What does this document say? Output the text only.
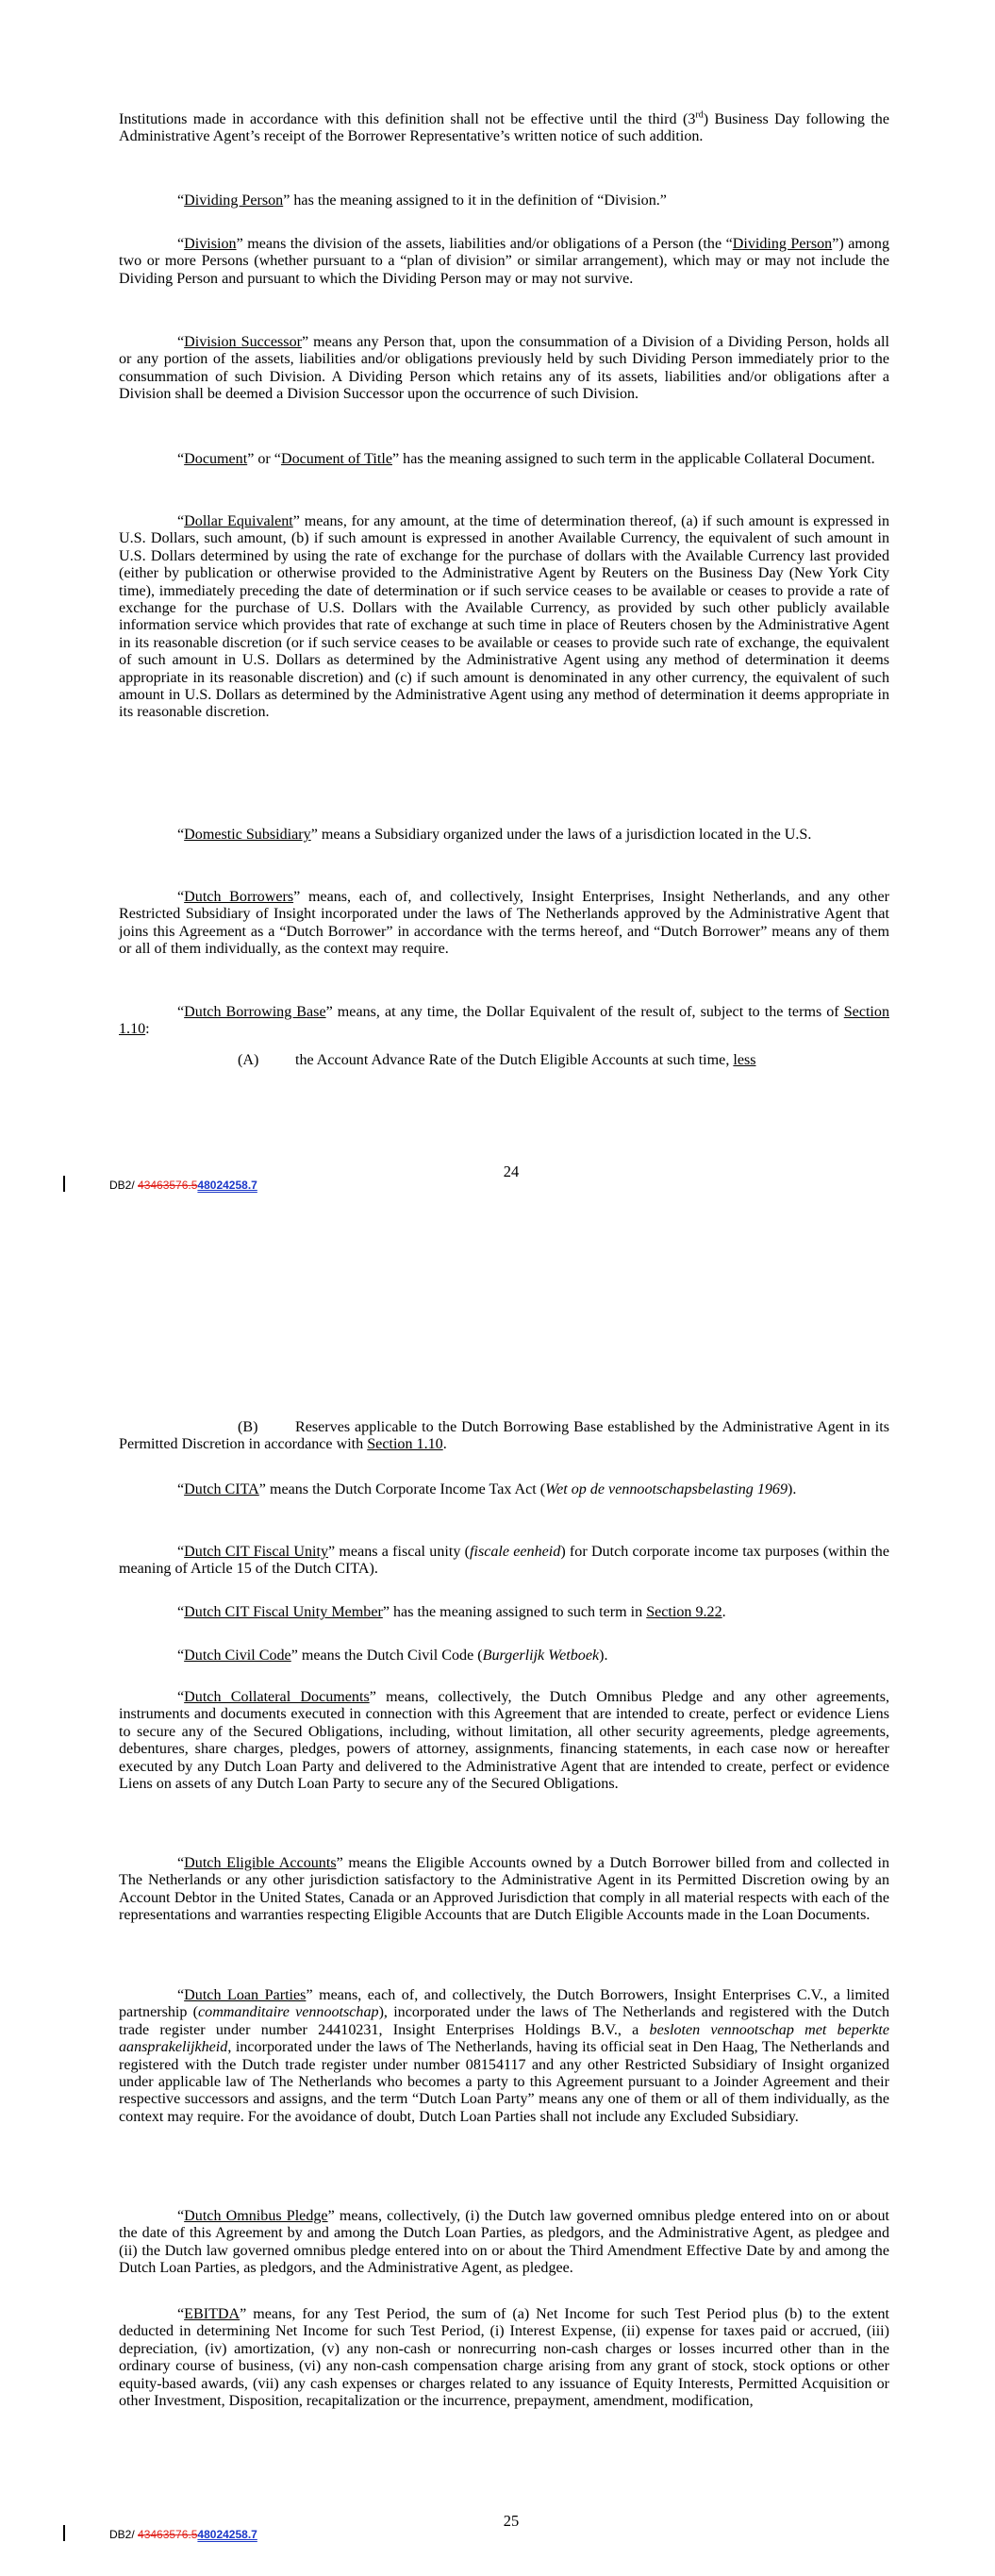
Institutions made in accordance with this definition shall not be effective until the third (3rd) Business Day following the Administrative Agent’s receipt of the Borrower Representative’s written notice of such addition.

“Dividing Person” has the meaning assigned to it in the definition of “Division.”

“Division” means the division of the assets, liabilities and/or obligations of a Person (the “Dividing Person”) among two or more Persons (whether pursuant to a “plan of division” or similar arrangement), which may or may not include the Dividing Person and pursuant to which the Dividing Person may or may not survive.

“Division Successor” means any Person that, upon the consummation of a Division of a Dividing Person, holds all or any portion of the assets, liabilities and/or obligations previously held by such Dividing Person immediately prior to the consummation of such Division. A Dividing Person which retains any of its assets, liabilities and/or obligations after a Division shall be deemed a Division Successor upon the occurrence of such Division.

“Document” or “Document of Title” has the meaning assigned to such term in the applicable Collateral Document.

“Dollar Equivalent” means, for any amount, at the time of determination thereof, (a) if such amount is expressed in U.S. Dollars, such amount, (b) if such amount is expressed in another Available Currency, the equivalent of such amount in U.S. Dollars determined by using the rate of exchange for the purchase of dollars with the Available Currency last provided (either by publication or otherwise provided to the Administrative Agent by Reuters on the Business Day (New York City time), immediately preceding the date of determination or if such service ceases to be available or ceases to provide a rate of exchange for the purchase of U.S. Dollars with the Available Currency, as provided by such other publicly available information service which provides that rate of exchange at such time in place of Reuters chosen by the Administrative Agent in its reasonable discretion (or if such service ceases to be available or ceases to provide such rate of exchange, the equivalent of such amount in U.S. Dollars as determined by the Administrative Agent using any method of determination it deems appropriate in its reasonable discretion) and (c) if such amount is denominated in any other currency, the equivalent of such amount in U.S. Dollars as determined by the Administrative Agent using any method of determination it deems appropriate in its reasonable discretion.

“Domestic Subsidiary” means a Subsidiary organized under the laws of a jurisdiction located in the U.S.

“Dutch Borrowers” means, each of, and collectively, Insight Enterprises, Insight Netherlands, and any other Restricted Subsidiary of Insight incorporated under the laws of The Netherlands approved by the Administrative Agent that joins this Agreement as a “Dutch Borrower” in accordance with the terms hereof, and “Dutch Borrower” means any of them or all of them individually, as the context may require.

“Dutch Borrowing Base” means, at any time, the Dollar Equivalent of the result of, subject to the terms of Section 1.10:

(A) the Account Advance Rate of the Dutch Eligible Accounts at such time, less
24
DB2/ 43463576.548024258.7
(B)	Reserves applicable to the Dutch Borrowing Base established by the Administrative Agent in its Permitted Discretion in accordance with Section 1.10.

“Dutch CITA” means the Dutch Corporate Income Tax Act (Wet op de vennootschapsbelasting 1969).

“Dutch CIT Fiscal Unity” means a fiscal unity (fiscale eenheid) for Dutch corporate income tax purposes (within the meaning of Article 15 of the Dutch CITA).

“Dutch CIT Fiscal Unity Member” has the meaning assigned to such term in Section 9.22.

“Dutch Civil Code” means the Dutch Civil Code (Burgerlijk Wetboek).

“Dutch Collateral Documents” means, collectively, the Dutch Omnibus Pledge and any other agreements, instruments and documents executed in connection with this Agreement that are intended to create, perfect or evidence Liens to secure any of the Secured Obligations, including, without limitation, all other security agreements, pledge agreements, debentures, share charges, pledges, powers of attorney, assignments, financing statements, in each case now or hereafter executed by any Dutch Loan Party and delivered to the Administrative Agent that are intended to create, perfect or evidence Liens on assets of any Dutch Loan Party to secure any of the Secured Obligations.

“Dutch Eligible Accounts” means the Eligible Accounts owned by a Dutch Borrower billed from and collected in The Netherlands or any other jurisdiction satisfactory to the Administrative Agent in its Permitted Discretion owing by an Account Debtor in the United States, Canada or an Approved Jurisdiction that comply in all material respects with each of the representations and warranties respecting Eligible Accounts that are Dutch Eligible Accounts made in the Loan Documents.

“Dutch Loan Parties” means, each of, and collectively, the Dutch Borrowers, Insight Enterprises C.V., a limited partnership (commanditaire vennootschap), incorporated under the laws of The Netherlands and registered with the Dutch trade register under number 24410231, Insight Enterprises Holdings B.V., a besloten vennootschap met beperkte aansprakelijkheid, incorporated under the laws of The Netherlands, having its official seat in Den Haag, The Netherlands and registered with the Dutch trade register under number 08154117 and any other Restricted Subsidiary of Insight organized under applicable law of The Netherlands who becomes a party to this Agreement pursuant to a Joinder Agreement and their respective successors and assigns, and the term “Dutch Loan Party” means any one of them or all of them individually, as the context may require. For the avoidance of doubt, Dutch Loan Parties shall not include any Excluded Subsidiary.

“Dutch Omnibus Pledge” means, collectively, (i) the Dutch law governed omnibus pledge entered into on or about the date of this Agreement by and among the Dutch Loan Parties, as pledgors, and the Administrative Agent, as pledgee and (ii) the Dutch law governed omnibus pledge entered into on or about the Third Amendment Effective Date by and among the Dutch Loan Parties, as pledgors, and the Administrative Agent, as pledgee.

“EBITDA” means, for any Test Period, the sum of (a) Net Income for such Test Period plus (b) to the extent deducted in determining Net Income for such Test Period, (i) Interest Expense, (ii) expense for taxes paid or accrued, (iii) depreciation, (iv) amortization, (v) any non-cash or nonrecurring non-cash charges or losses incurred other than in the ordinary course of business, (vi) any non-cash compensation charge arising from any grant of stock, stock options or other equity-based awards, (vii) any cash expenses or charges related to any issuance of Equity Interests, Permitted Acquisition or other Investment, Disposition, recapitalization or the incurrence, prepayment, amendment, modification,

25
DB2/ 43463576.548024258.7
